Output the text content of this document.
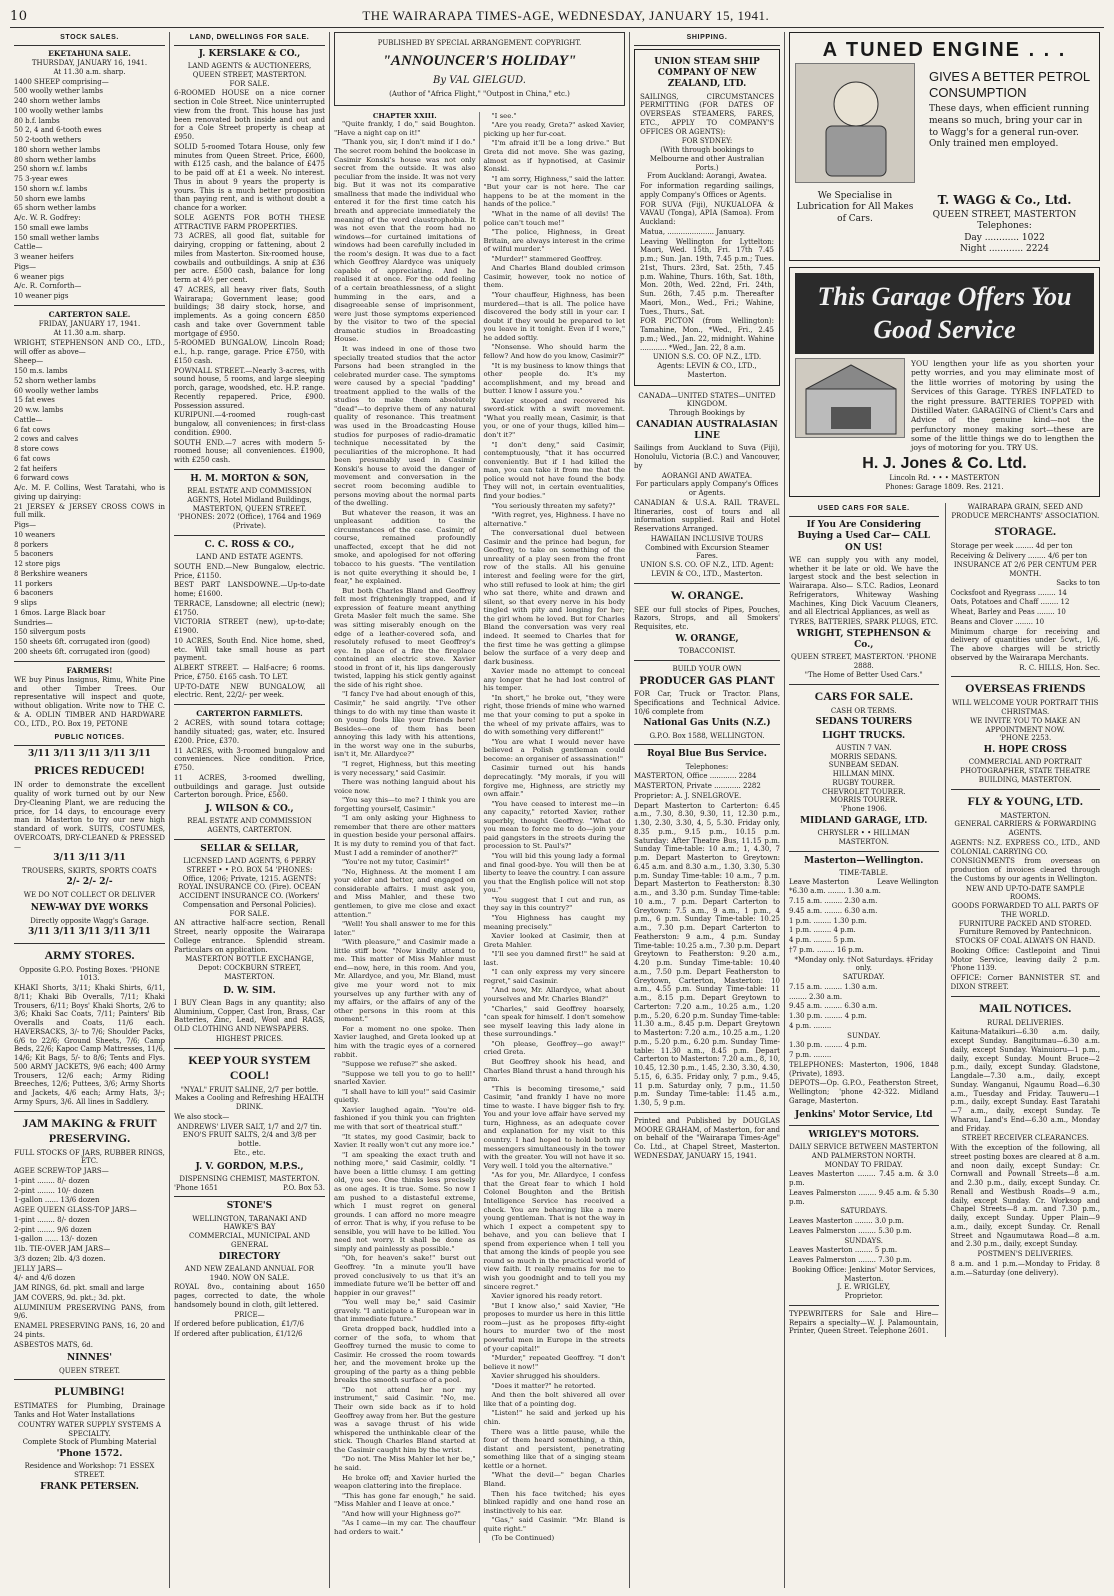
10	THE WAIRARAPA TIMES-AGE, WEDNESDAY, JANUARY 15, 1941.
STOCK SALES.
EKETAHUNA SALE.
THURSDAY, JANUARY 16, 1941.
At 11.30 a.m. sharp.
1400 SHEEP comprising—
500 woolly wether lambs
240 shorn wether lambs
100 woolly wether lambs
80 b.f. lambs
50 2, 4 and 6-tooth ewes
50 2-tooth wethers
180 shorn wether lambs
80 shorn wether lambs
250 shorn w.f. lambs
75 3-year ewes
150 shorn w.f. lambs
50 shorn ewe lambs
65 shorn wether lambs
A/c. W. R. Godfrey:
150 small ewe lambs
150 small wether lambs
Cattle—
3 weaner heifers
Pigs—
6 weaner pigs
A/c. R. Cornforth—
10 weaner pigs
CARTERTON SALE.
FRIDAY, JANUARY 17, 1941.
At 11.30 a.m. sharp.
WRIGHT, STEPHENSON AND CO., LTD., will offer as above—
Sheep—
150 m.s. lambs
52 shorn wether lambs
60 woolly wether lambs
15 fat ewes
20 w.w. lambs
Cattle—
6 fat cows
2 cows and calves
8 store cows
6 fat cows
2 fat heifers
6 forward cows
A/c. M. F. Collins, West Taratahi, who is giving up dairying:
21 JERSEY & JERSEY CROSS COWS in full milk.
Pigs—
10 weaners
8 porkers
5 baconers
12 store pigs
8 Berkshire weaners
11 porkers
6 baconers
9 slips
1 6mos. Large Black boar
Sundries—
150 silvergum posts
150 sheets 6ft. corrugated iron (good)
200 sheets 6ft. corrugated iron (good)
FARMERS!
WE buy Pinus Insignus, Rimu, White Pine and other Timber Trees. Our representative will inspect and quote, without obligation. Write now to THE C. & A. ODLIN TIMBER AND HARDWARE CO., LTD., P.O. Box 19, PETONE
PUBLIC NOTICES.
3/11 3/11 3/11 3/11 3/11
PRICES REDUCED!
IN order to demonstrate the excellent quality of work turned out by our New Dry-Cleaning Plant, we are reducing the price, for 14 days, to encourage every man in Masterton to try our new high standard of work. SUITS, COSTUMES, OVERCOATS, DRY-CLEANED & PRESSED—
3/11 3/11 3/11
TROUSERS, SKIRTS, SPORTS COATS
2/- 2/- 2/-
WE DO NOT COLLECT OR DELIVER
NEW-WAY DYE WORKS
Directly opposite Wagg's Garage.
3/11 3/11 3/11 3/11 3/11
ARMY STORES.
Opposite G.P.O. Posting Boxes. 'PHONE 1013.
KHAKI Shorts, 3/11; Khaki Shirts, 6/11, 8/11; Khaki Bib Overalls, 7/11; Khaki Trousers, 6/11; Boys' Khaki Shorts, 2/6 to 3/6; Khaki Sac Coats, 7/11; Painters' Bib Overalls and Coats, 11/6 each. HAVERSACKS, 3/- to 7/6; Shoulder Packs, 6/6 to 22/6; Ground Sheets, 7/6; Camp Beds, 22/6; Kapoc Camp Mattresses, 11/6, 14/6; Kit Bags, 5/- to 8/6; Tents and Flys. 500 ARMY JACKETS, 9/6 each; 400 Army Trousers, 12/6 each; Army Riding Breeches, 12/6; Puttees, 3/6; Army Shorts and Jackets, 4/6 each; Army Hats, 3/-; Army Spurs, 3/6. All lines in Saddlery.
JAM MAKING & FRUIT PRESERVING.
FULL STOCKS OF JARS, RUBBER RINGS, ETC.
AGEE SCREW-TOP JARS—
1-pint ........ 8/- dozen
2-pint ........ 10/- dozen
1-gallon ...... 13/6 dozen
AGEE QUEEN GLASS-TOP JARS—
1-pint ........ 8/- dozen
2-pint ........ 9/6 dozen
1-gallon ...... 13/- dozen
1lb. TIE-OVER JAM JARS—
3/3 dozen; 2lb. 4/3 dozen.
JELLY JARS—
4/- and 4/6 dozen
JAM RINGS, 6d. pkt. small and large
JAM COVERS, 9d. pkt.; 3d. pkt.
ALUMINIUM PRESERVING PANS, from 9/6.
ENAMEL PRESERVING PANS, 16, 20 and 24 pints.
ASBESTOS MATS, 6d.
NINNES'
QUEEN STREET.
PLUMBING!
ESTIMATES for Plumbing, Drainage Tanks and Hot Water Installations
COUNTRY WATER SUPPLY SYSTEMS A SPECIALTY.
Complete Stock of Plumbing Material
'Phone 1572.
Residence and Workshop: 71 ESSEX STREET.
FRANK PETERSEN.
LAND, DWELLINGS FOR SALE.
J. KERSLAKE & CO.,
LAND AGENTS & AUCTIONEERS, QUEEN STREET, MASTERTON.
FOR SALE.
6-ROOMED HOUSE on a nice corner section in Cole Street. Nice uninterrupted view from the front. This house has just been renovated both inside and out and for a Cole Street property is cheap at £950.
SOLID 5-roomed Totara House, only few minutes from Queen Street. Price, £600, with £125 cash, and the balance of £475 to be paid off at £1 a week. No interest. Thus in about 9 years the property is yours. This is a much better proposition than paying rent, and is without doubt a chance for a worker.
SOLE AGENTS FOR BOTH THESE ATTRACTIVE FARM PROPERTIES.
73 ACRES, all good flat, suitable for dairying, cropping or fattening, about 2 miles from Masterton. Six-roomed house, cowbails and outbuildings. A snip at £36 per acre. £500 cash, balance for long term at 4½ per cent.
47 ACRES, all heavy river flats, South Wairarapa; Government lease; good buildings; 38 dairy stock, horse, and implements. As a going concern £850 cash and take over Government table mortgage of £950.
5-ROOMED BUNGALOW, Lincoln Road; e.l., h.p. range, garage. Price £750, with £150 cash.
POWNALL STREET.—Nearly 3-acres, with sound house, 5 rooms, and large sleeping porch, garage, woodshed, etc. H.P. range. Recently repapered. Price, £900. Possession assured.
KURIPUNI.—4-roomed rough-cast bungalow, all conveniences; in first-class condition. £900.
SOUTH END.—7 acres with modern 5-roomed house; all conveniences. £1900, with £250 cash.
H. M. MORTON & SON,
REAL ESTATE AND COMMISSION AGENTS, Hotel Midland Buildings, MASTERTON, QUEEN STREET.
'PHONES: 2072 (Office), 1764 and 1969 (Private).
C. C. ROSS & CO.,
LAND AND ESTATE AGENTS.
SOUTH END.—New Bungalow, electric. Price, £1150.
BEST PART LANSDOWNE.—Up-to-date home; £1600.
TERRACE, Lansdowne; all electric (new); £1750.
VICTORIA STREET (new), up-to-date; £1900.
10 ACRES, South End. Nice home, shed, etc. Will take small house as part payment.
ALBERT STREET. — Half-acre; 6 rooms. Price, £750. £165 cash. TO LET.
UP-TO-DATE NEW BUNGALOW, all electric. Rent, 22/2/- per week.
CARTERTON FARMLETS.
2 ACRES, with sound totara cottage; handily situated; gas, water, etc. Insured £200. Price, £370.
11 ACRES, with 3-roomed bungalow and conveniences. Nice condition. Price, £750.
11 ACRES, 3-roomed dwelling, outbuildings and garage. Just outside Carterton borough. Price, £560.
J. WILSON & CO.,
REAL ESTATE AND COMMISSION AGENTS, CARTERTON.
SELLAR & SELLAR,
LICENSED LAND AGENTS, 6 PERRY STREET • • P.O. BOX 54 'PHONES: Office, 1206; Private, 1215. AGENTS:
ROYAL INSURANCE CO. (Fire). OCEAN ACCIDENT INSURANCE CO. (Workers' Compensation and Personal Policies). FOR SALE.
AN attractive half-acre section, Renall Street, nearly opposite the Wairarapa College entrance. Splendid stream. Particulars on application.
MASTERTON BOTTLE EXCHANGE, Depot: COCKBURN STREET, MASTERTON.
D. W. SIM.
I BUY Clean Bags in any quantity; also Aluminium, Copper, Cast Iron, Brass, Car Batteries, Zinc, Lead, Wool and RAGS, OLD CLOTHING AND NEWSPAPERS.
HIGHEST PRICES.
KEEP YOUR SYSTEM COOL!
"NYAL" FRUIT SALINE, 2/7 per bottle.
Makes a Cooling and Refreshing HEALTH DRINK.
We also stock—
ANDREWS' LIVER SALT, 1/7 and 2/7 tin.
ENO'S FRUIT SALTS, 2/4 and 3/8 per bottle.
Etc., etc.
J. V. GORDON, M.P.S.,
DISPENSING CHEMIST, MASTERTON.
'Phone 1651	P.O. Box 53.
STONE'S
WELLINGTON, TARANAKI AND HAWKE'S BAY
COMMERCIAL, MUNICIPAL AND GENERAL
DIRECTORY
AND NEW ZEALAND ANNUAL FOR 1940. NOW ON SALE.
ROYAL 8vo., containing about 1650 pages, corrected to date, the whole handsomely bound in cloth, gilt lettered.
PRICE—
If ordered before publication, £1/7/6
If ordered after publication, £1/12/6
PUBLISHED BY SPECIAL ARRANGEMENT. COPYRIGHT.
"ANNOUNCER'S HOLIDAY"
By VAL GIELGUD.
(Author of "Africa Flight," "Outpost in China," etc.)
CHAPTER XXIII.

"Quite frankly, I do," said Boughton. "Have a night cap on it!"

"Thank you, sir, I don't mind if I do." The secret room behind the bookcase in Casimir Konski's house was not only secret from the outside. It was also peculiar from the inside. It was not very big. But it was not its comparative smallness that made the individual who entered it for the first time catch his breath and appreciate immediately the meaning of the word claustrophobia. It was not even that the room had no windows—for curtained imitations of windows had been carefully included in the room's design. It was due to a fact which Geoffrey Alardyce was uniquely capable of appreciating. And he realised it at once. For the odd feeling of a certain breathlessness, of a slight humming in the ears, and a disagreeable sense of imprisonment, were just those symptoms experienced by the visitor to two of the special dramatic studios in Broadcasting House.

It was indeed in one of those two specially treated studios that the actor Parsons had been strangled in the celebrated murder case. The symptoms were caused by a special "padding" treatment applied to the walls of the studios to make them absolutely "dead"—to deprive them of any natural quality of resonance. This treatment was used in the Broadcasting House studios for purposes of radio-dramatic technique necessitated by the peculiarities of the microphone. It had been presumably used in Casimir Konski's house to avoid the danger of movement and conversation in the secret room becoming audible to persons moving about the normal parts of the dwelling.

But whatever the reason, it was an unpleasant addition to the circumstances of the case. Casimir, of course, remained profoundly unaffected, except that he did not smoke, and apologised for not offering tobacco to his guests. "The ventilation is not quite everything it should be, I fear," he explained.

But both Charles Bland and Geoffrey felt most frighteningly trapped, and if expression of feature meant anything Greta Masler felt much the same. She was sitting miserably enough on the edge of a leather-covered sofa, and resolutely refused to meet Geoffrey's eye. In place of a fire the fireplace contained an electric stove. Xavier stood in front of it, his lips dangerously twisted, lapping his stick gently against the side of his right shoe.

"I fancy I've had about enough of this, Casimir," he said angrily. "I've other things to do with my time than waste it on young fools like your friends here! Besides—one of them has been annoying this lady with his attentions, in the worst way one in the suburbs, isn't it, Mr. Allardyce?"

"I regret, Highness, but this meeting is very necessary," said Casimir.

There was nothing languid about his voice now.

"You say this—to me? I think you are forgetting yourself, Casimir."

"I am only asking your Highness to remember that there are other matters in question beside your personal affairs. It is my duty to remind you of that fact. Must I add a reminder of another?"

"You're not my tutor, Casimir!"

"No, Highness. At the moment I am your elder and better, and engaged on considerable affairs. I must ask you, and Miss Mahler, and these two gentlemen, to give me close and exact attention."

"Well! You shall answer to me for this later."

"With pleasure," and Casimir made a little stiff bow. "Now kindly attend to me. This matter of Miss Mahler must end—now, here, in this room. And you, Mr. Allardyce, and you, Mr. Bland, must give me your word not to mix yourselves up any further with any of my affairs, or the affairs of any of the other persons in this room at this moment."

For a moment no one spoke. Then Xavier laughed, and Greta looked up at him with the tragic eyes of a cornered rabbit.

"Suppose we refuse?" she asked.

"Suppose we tell you to go to hell!" snarled Xavier.

"I shall have to kill you!" said Casimir quietly.

Xavier laughed again. "You're old-fashioned if you think you can frighten me with that sort of theatrical stuff."

"It states, my good Casimir, back to Xavier. It really won't cut any more ice."

"I am speaking the exact truth and nothing more," said Casimir, coldly. "I have been a little clumsy. I am getting old, you see. One thinks less precisely as one ages. It is true. Some. So now I am pushed to a distasteful extreme, which I must regret on general grounds. I can afford no more meagre of error. That is why, if you refuse to be sensible, you will have to be killed. You need not worry. It shall be done as simply and painlessly as possible."

"Oh, for heaven's sake!" burst out Geoffrey. "In a minute you'll have proved conclusively to us that it's an immediate future we'll be better off and happier in our graves!"

"You well may be," said Casimir gravely. "I anticipate a European war in that immediate future."

Greta dropped back, huddled into a corner of the sofa, to whom that Geoffrey turned the music to come to Casimir. He crossed the room towards her, and the movement broke up the grouping of the party as a thing pebble breaks the smooth surface of a pool.

"Do not attend her nor my instrument," said Casimir. "No, me. Their own side back as if to hold Geoffrey away from her. But the gesture was a savage thrust of his wide whispered the unthinkable clear of the stick. Though Charles Bland started at the Casimir caught him by the wrist.

"Do not. The Miss Mahler let her be," he said.

He broke off; and Xavier hurled the weapon clattering into the fireplace.

"This has gone far enough," he said. "Miss Mahler and I leave at once."

"And how will your Highness go?"

"As I came—in my car. The chauffeur had orders to wait."

"I see."

"Are you ready, Greta?" asked Xavier, picking up her fur-coat.

"I'm afraid it'll be a long drive." But Greta did not move. She was gazing, almost as if hypnotised, at Casimir Konski.

"I am sorry, Highness," said the latter. "But your car is not here. The car happens to be at the moment in the hands of the police."

"What in the name of all devils! The police can't touch me!"

"The police, Highness, in Great Britain, are always interest in the crime of wilful murder."

"Murder!" stammered Geoffrey.

And Charles Bland doubled crimson Casimir, however, took no notice of them.

"Your chauffeur, Highness, has been murdered—that is all. The police have discovered the body still in your car. I doubt if they would be prepared to let you leave in it tonight. Even if I were," he added softly.

"Nonsense. Who should harm the fellow? And how do you know, Casimir?"

"It is my business to know things that other people do. It's my accomplishment, and my bread and butter. I know I assure you."

Xavier stooped and recovered his sword-stick with a swift movement. "What you really mean, Casimir, is that you, or one of your thugs, killed him—don't it?"

"I don't deny," said Casimir, contemptuously, "that it has occurred conveniently. But if I had killed the man, you can take it from me that the police would not have found the body. They will not, in certain eventualities, find your bodies."

"You seriously threaten my safety?"

"With regret, yes, Highness. I have no alternative."

The conversational duel between Casimir and the prince had begun, for Geoffrey, to take on something of the unreality of a play seen from the front row of the stalls. All his genuine interest and feeling were for the girl, who still refused to look at him; the girl who sat there, white and drawn and silent, so that every nerve in his body tingled with pity and longing for her; the girl whom he loved. But for Charles Bland the conversation was very real indeed. It seemed to Charles that for the first time he was getting a glimpse below the surface of a very deep and dark business.

Xavier made no attempt to conceal any longer that he had lost control of his temper.

"In short," he broke out, "they were right, those friends of mine who warned me that your coming to put a spoke in the wheel of my private affairs, was to do with something very different!"

"You are what I would never have believed a Polish gentleman could become: an organiser of assassination!"

Casimir turned out his hands deprecatingly. "My morals, if you will forgive me, Highness, are strictly my own affair."

"You have ceased to interest me—in any capacity," retorted Xavier, rather superbly, thought Geoffrey. "What do you mean to force me to do—join your paid gangsters in the streets during the procession to St. Paul's?"

"You will bid this young lady a formal and final good-bye. You will then be at liberty to leave the country. I can assure you that the English police will not stop you."

"You suggest that I cut and run, as they say in this country?"

"You Highness has caught my meaning precisely."

Xavier looked at Casimir, then at Greta Mahler.

"I'll see you damned first!" he said at last.

"I can only express my very sincere regret," said Casimir.

"And now, Mr. Allardyce, what about yourselves and Mr. Charles Bland?"

"Charles," said Geoffrey hoarsely, "can speak for himself. I don't somehow see myself leaving this lady alone in these surroundings."

"Oh please, Geoffrey—go away!" cried Greta.

But Geoffrey shook his head, and Charles Bland thrust a hand through his arm.

"This is becoming tiresome," said Casimir, "and frankly I have no more time to waste. I have bigger fish to fry. You and your love affair have served my turn, Highness, as an adequate cover and explanation for my visit to this country. I had hoped to hold both my messengers simultaneously in the tower with the greater. You will not have it so. Very well. I told you the alternative."

"As for you, Mr. Allardyce, I confess that the Great fear to which I hold Colonel Boughton and the British Intelligence Service has received a check. You are behaving like a mere young gentleman. That is not the way in which I expect a competent spy to behave, and you can believe that I spend from experience when I tell you that among the kinds of people you see round so much in the practical world of view faith. It really remains for me to wish you goodnight and to tell you my sincere regret."

Xavier ignored his ready retort.

"But I know also," said Xavier, "He proposes to murder us here in this little room—just as he proposes fifty-eight hours to murder two of the most powerful men in Europe in the streets of your capital!"

"Murder," repeated Geoffrey. "I don't believe it now!"

Xavier shrugged his shoulders.

"Does it matter?" he retorted.

And then the bolt shivered all over like that of a pointing dog.

"Listen!" he said and jerked up his chin.

There was a little pause, while the four of them heard something, a thin, distant and persistent, penetrating something like that of a singing steam kettle or a hornet.

"What the devil—" began Charles Bland.

Then his face twitched; his eyes blinked rapidly and one hand rose an instinctively to his ear.

"Gas," said Casimir. "Mr. Bland is quite right."

(To be Continued)

SHIPPING.
UNION STEAM SHIP COMPANY OF NEW ZEALAND, LTD.
SAILINGS, CIRCUMSTANCES PERMITTING (FOR DATES OF OVERSEAS STEAMERS, FARES, ETC., APPLY TO COMPANY'S OFFICES OR AGENTS):
FOR SYDNEY:
(With through bookings to Melbourne and other Australian Ports.)
From Auckland: Aorangi, Awatea.
For information regarding sailings, apply Company's Offices or Agents.
FOR SUVA (Fiji), NUKUALOFA & VAVAU (Tonga), APIA (Samoa). From Auckland:
Matua, ..................... January.
Leaving Wellington for Lyttelton: Maori, Wed. 15th, Fri. 17th 7.45 p.m.; Sun. Jan. 19th, 7.45 p.m.; Tues. 21st, Thurs. 23rd, Sat. 25th, 7.45 p.m. Wahine, Thurs. 16th, Sat. 18th, Mon. 20th, Wed. 22nd, Fri. 24th, Sun. 26th, 7.45 p.m. Thereafter Maori, Mon., Wed., Fri.; Wahine, Tues., Thurs., Sat.
FOR PICTON (from Wellington): Tamahine, Mon., *Wed., Fri., 2.45 p.m.; Wed., Jan. 22, midnight. Wahine ............ *Wed., Jan. 22, 8 a.m.
UNION S.S. CO. OF N.Z., LTD. Agents: LEVIN & CO., LTD., Masterton.
CANADA—UNITED STATES—UNITED KINGDOM.
Through Bookings by
CANADIAN AUSTRALASIAN LINE
Sailings from Auckland to Suva (Fiji), Honolulu, Victoria (B.C.) and Vancouver, by
AORANGI AND AWATEA.
For particulars apply Company's Offices or Agents.
CANADIAN & U.S.A. RAIL TRAVEL. Itineraries, cost of tours and all information supplied. Rail and Hotel Reservations Arranged.
HAWAIIAN INCLUSIVE TOURS Combined with Excursion Steamer Fares.
UNION S.S. CO. OF N.Z., LTD. Agent: LEVIN & CO., LTD., Masterton.
W. ORANGE.
SEE our full stocks of Pipes, Pouches, Razors, Strops, and all Smokers' Requisites, etc.
W. ORANGE,
TOBACCONIST.
BUILD YOUR OWN
PRODUCER GAS PLANT
FOR Car, Truck or Tractor. Plans, Specifications and Technical Advice. 10/6 complete from
National Gas Units (N.Z.)
G.P.O. Box 1588, WELLINGTON.
Royal Blue Bus Service.
Telephones:
MASTERTON, Office ............ 2284
MASTERTON, Private ............ 2282
Proprietor: A. J. SNELGROVE.
Depart Masterton to Carterton: 6.45 a.m., 7.30, 8.30, 9.30, 11, 12.30 p.m., 1.30, 2.30, 3.30, 4, 5, 5.30. Friday only, 8.35 p.m., 9.15 p.m., 10.15 p.m. Saturday: After Theatre Bus, 11.15 p.m. Sunday Time-table: 10 a.m.; 1, 4.30, 7 p.m. Depart Masterton to Greytown: 6.45 a.m. and 8.30 a.m., 1.30, 3.30, 5.30 p.m. Sunday Time-table: 10 a.m., 7 p.m. Depart Masterton to Featherston: 8.30 a.m., and 3.30 p.m. Sunday Time-table: 10 a.m., 7 p.m. Depart Carterton to Greytown: 7.5 a.m., 9 a.m., 1 p.m., 4 p.m., 6 p.m. Sunday Time-table: 10.25 a.m., 7.30 p.m. Depart Carterton to Featherston: 9 a.m., 4 p.m. Sunday Time-table: 10.25 a.m., 7.30 p.m. Depart Greytown to Featherston: 9.20 a.m., 4.20 p.m. Sunday Time-table: 10.40 a.m., 7.50 p.m. Depart Featherston to Greytown, Carterton, Masterton: 10 a.m., 4.55 p.m. Sunday Time-table: 11 a.m., 8.15 p.m. Depart Greytown to Carterton: 7.20 a.m., 10.25 a.m., 1.20 p.m., 5.20, 6.20 p.m. Sunday Time-table: 11.30 a.m., 8.45 p.m. Depart Greytown to Masterton: 7.20 a.m., 10.25 a.m., 1.20 p.m., 5.20 p.m., 6.20 p.m. Sunday Time-table: 11.30 a.m., 8.45 p.m. Depart Carterton to Masterton: 7.20 a.m., 8, 10, 10.45, 12.30 p.m., 1.45, 2.30, 3.30, 4.30, 5.15, 6, 6.35. Friday only, 7 p.m., 9.45, 11 p.m. Saturday only, 7 p.m., 11.50 p.m. Sunday Time-table: 11.45 a.m., 1.30, 5, 9 p.m.
Printed and Published by DOUGLAS MOORE GRAHAM, of Masterton, for and on behalf of the "Wairarapa Times-Age" Co. Ltd., at Chapel Street, Masterton. WEDNESDAY, JANUARY 15, 1941.
A TUNED ENGINE . . .
GIVES A BETTER PETROL CONSUMPTION
These days, when efficient running means so much, bring your car in to Wagg's for a general run-over. Only trained men employed.
We Specialise in Lubrication for All Makes of Cars.
T. WAGG & Co., Ltd.
QUEEN STREET, MASTERTON
Telephones:
Day ............ 1022
Night ............ 2224
This Garage Offers You Good Service
YOU lengthen your life as you shorten your petty worries, and you may eliminate most of the little worries of motoring by using the Services of this Garage. TYRES INFLATED to the right pressure. BATTERIES TOPPED with Distilled Water. GARAGING of Client's Cars and Advice of the genuine kind—not the perfunctory money making sort—these are some of the little things we do to lengthen the joys of motoring for you. TRY US.
H. J. Jones & Co. Ltd.
Lincoln Rd. • • • MASTERTON
Phones: Garage 1809. Res. 2121.
USED CARS FOR SALE.
If You Are Considering Buying a Used Car— CALL ON US!
WE can supply you with any model, whether it be late or old. We have the largest stock and the best selection in Wairarapa. Also— S.T.C. Radios, Leonard Refrigerators, Whiteway Washing Machines, King Dick Vacuum Cleaners, and all Electrical Appliances, as well as
TYRES, BATTERIES, SPARK PLUGS, ETC.
WRIGHT, STEPHENSON & Co.,
QUEEN STREET, MASTERTON. 'PHONE 2888.
"The Home of Better Used Cars."
CARS FOR SALE.
CASH OR TERMS.
SEDANS TOURERS
LIGHT TRUCKS.
AUSTIN 7 VAN.
MORRIS SEDANS.
SUNBEAM SEDAN.
HILLMAN MINX.
RUGBY TOURER.
CHEVROLET TOURER.
MORRIS TOURER.
'Phone 1906.
MIDLAND GARAGE, LTD.
CHRYSLER • • HILLMAN
MASTERTON.
Masterton—Wellington.
TIME-TABLE.
Leave Masterton	Leave Wellington
*6.30 a.m. ........ 1.30 a.m.
7.15 a.m. ........ 2.30 a.m.
9.45 a.m. ........ 6.30 a.m.
1 p.m. ........ 1.30 p.m.
1 p.m. ........ 4 p.m.
4 p.m. ........ 5 p.m.
†7 p.m. ........ 16 p.m.
*Monday only. †Not Saturdays. ‡Friday only.
SATURDAY.
7.15 a.m. ........ 1.30 a.m.
........ 2.30 a.m.
9.45 a.m. ........ 6.30 a.m.
1.30 p.m. ........ 4 p.m.
4 p.m. ........
SUNDAY.
1.30 p.m. ........ 4 p.m.
7 p.m. ........
TELEPHONES: Masterton, 1906, 1848 (Private), 1893.
DEPOTS—Op. G.P.O., Featherston Street, Wellington; 'phone 42-322. Midland Garage, Masterton.
Jenkins' Motor Service, Ltd
WRIGLEY'S MOTORS.
DAILY SERVICE BETWEEN MASTERTON AND PALMERSTON NORTH.
MONDAY TO FRIDAY.
Leaves Masterton ........ 7.45 a.m. & 3.0 p.m.
Leaves Palmerston ........ 9.45 a.m. & 5.30 p.m.
SATURDAYS.
Leaves Masterton ........ 3.0 p.m.
Leaves Palmerston ........ 5.30 p.m.
SUNDAYS.
Leaves Masterton ........ 5 p.m.
Leaves Palmerston ........ 7.30 p.m.
Booking Office: Jenkins' Motor Services, Masterton.
J. E. WRIGLEY,
Proprietor.
TYPEWRITERS for Sale and Hire—Repairs a specialty—W. J. Palamountain, Printer, Queen Street. Telephone 2601.
WAIRARAPA GRAIN, SEED AND PRODUCE MERCHANTS' ASSOCIATION.
STORAGE.
Storage per week ........ 4d per ton
Receiving & Delivery ........ 4/6 per ton
INSURANCE AT 2/6 PER CENTUM PER MONTH.
Sacks to ton
Cocksfoot and Ryegrass ........ 14
Oats, Potatoes and Chaff ........ 12
Wheat, Barley and Peas ........ 10
Beans and Clover ........ 10
Minimum charge for receiving and delivery of quantities under 5cwt., 1/6. The above charges will be strictly observed by the Wairarapa Merchants.
R. C. HILLS, Hon. Sec.
OVERSEAS FRIENDS
WILL WELCOME YOUR PORTRAIT THIS CHRISTMAS.
WE INVITE YOU TO MAKE AN APPOINTMENT NOW.
'PHONE 2253.
H. HOPE CROSS
COMMERCIAL AND PORTRAIT PHOTOGRAPHER, STATE THEATRE BUILDING, MASTERTON.
FLY & YOUNG, LTD.
MASTERTON.
GENERAL CARRIERS & FORWARDING AGENTS.
AGENTS: N.Z. EXPRESS CO., LTD., AND COLONIAL CARRYING CO.
CONSIGNMENTS from overseas on production of invoices cleared through the Customs by our agents in Wellington.
NEW AND UP-TO-DATE SAMPLE ROOMS.
GOODS FORWARDED TO ALL PARTS OF THE WORLD.
FURNITURE PACKED AND STORED. Furniture Removed by Pantechnicon. STOCKS OF COAL ALWAYS ON HAND.
Booking Office: Castlepoint and Tinui Motor Service, leaving daily 2 p.m. 'Phone 1139.
OFFICE: Corner BANNISTER ST. and DIXON STREET.
MAIL NOTICES.
RURAL DELIVERIES.
Kaituna-Mataikuri—6.30 a.m. daily, except Sunday. Bangitumau—6.30 a.m. daily, except Sunday. Wainuioru—1 p.m., daily, except Sunday. Mount Bruce—2 p.m., daily, except Sunday. Gladstone, Langdale—7.30 a.m., daily, except Sunday. Wanganui, Ngaumu Road—6.30 a.m., Tuesday and Friday. Tauweru—1 p.m., daily, except Sunday. East Taratahi—7 a.m., daily, except Sunday. Te Wharau, Land's End—6.30 a.m., Monday and Friday.
STREET RECEIVER CLEARANCES.
With the exception of the following, all street posting boxes are cleared at 8 a.m. and noon daily, except Sunday: Cr. Cornwall and Pownall Streets—8 a.m. and 2.30 p.m., daily, except Sunday. Cr. Renall and Westbush Roads—9 a.m., daily, except Sunday. Cr. Worksop and Chapel Streets—8 a.m. and 7.30 p.m., daily, except Sunday. Upper Plain—9 a.m., daily, except Sunday. Cr. Renall Street and Ngaumutawa Road—8 a.m. and 2.30 p.m., daily, except Sunday.
POSTMEN'S DELIVERIES.
8 a.m. and 1 p.m.—Monday to Friday. 8 a.m.—Saturday (one delivery).
